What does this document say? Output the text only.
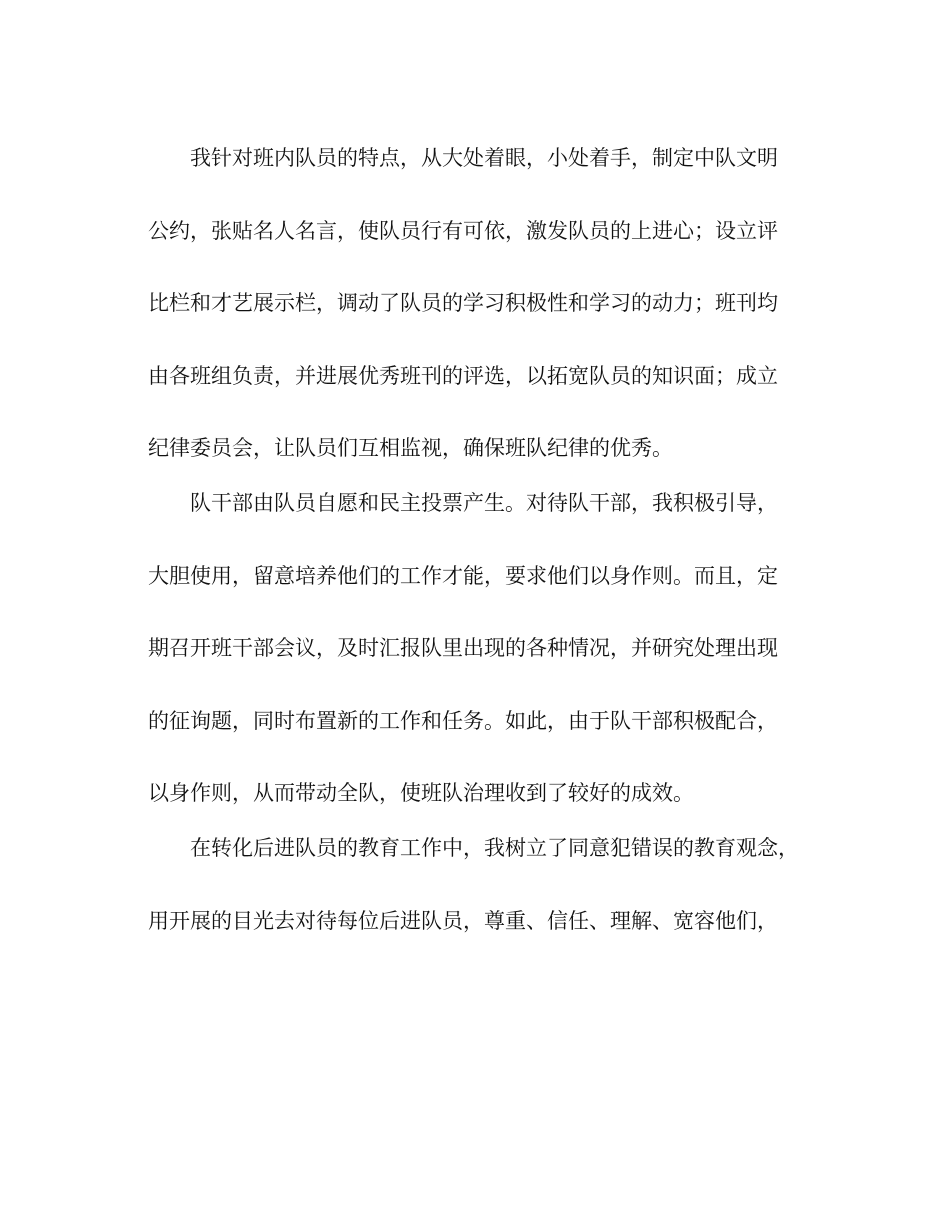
我针对班内队员的特点，从大处着眼，小处着手，制定中队文明
公约，张贴名人名言，使队员行有可依，激发队员的上进心；设立评
比栏和才艺展示栏，调动了队员的学习积极性和学习的动力；班刊均
由各班组负责，并进展优秀班刊的评选，以拓宽队员的知识面；成立
纪律委员会，让队员们互相监视，确保班队纪律的优秀。
队干部由队员自愿和民主投票产生。对待队干部，我积极引导，
大胆使用，留意培养他们的工作才能，要求他们以身作则。而且，定
期召开班干部会议，及时汇报队里出现的各种情况，并研究处理出现
的征询题，同时布置新的工作和任务。如此，由于队干部积极配合，
以身作则，从而带动全队，使班队治理收到了较好的成效。
在转化后进队员的教育工作中，我树立了同意犯错误的教育观念，
用开展的目光去对待每位后进队员，尊重、信任、理解、宽容他们，
